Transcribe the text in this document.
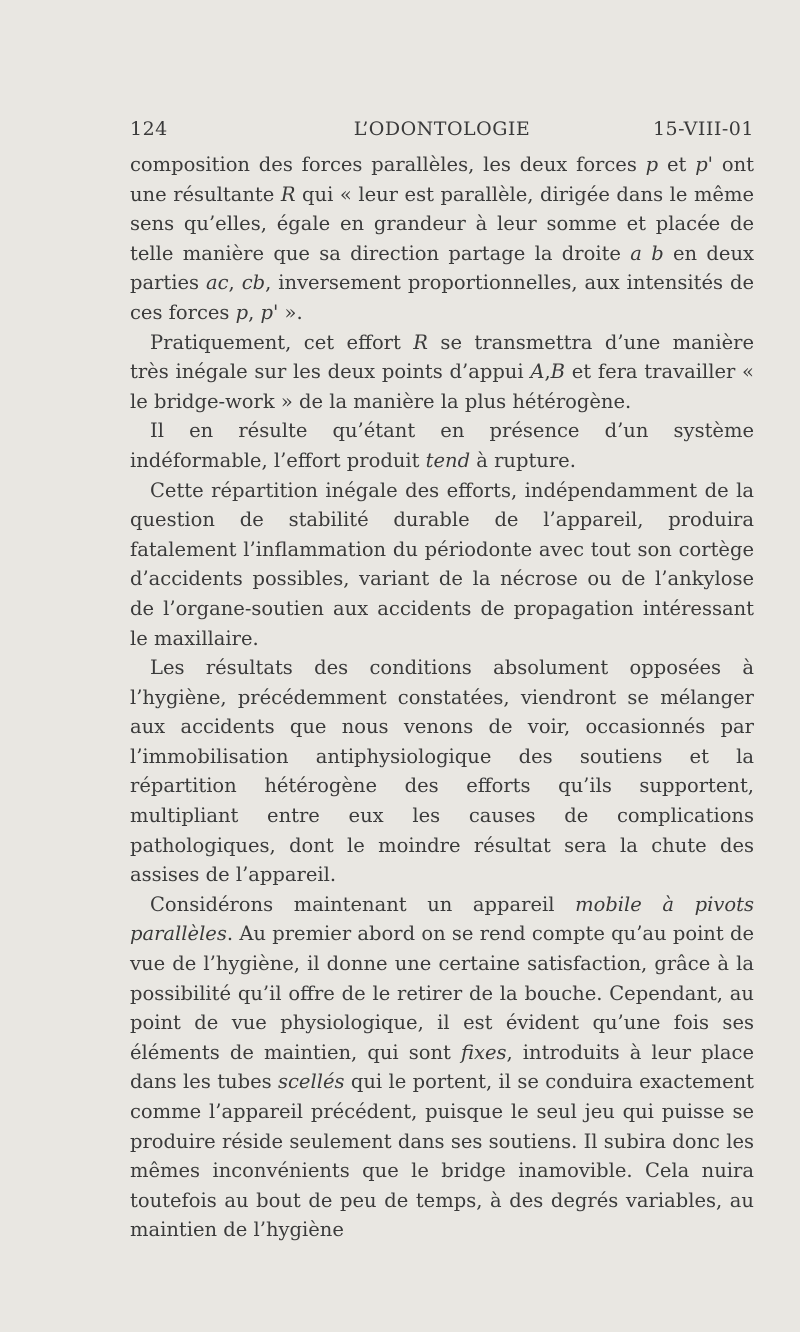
124	L’ODONTOLOGIE	15-VIII-01

composition des forces parallèles, les deux forces p et p' ont une résultante R qui « leur est parallèle, dirigée dans le même sens qu’elles, égale en grandeur à leur somme et placée de telle manière que sa direction partage la droite a b en deux parties ac, cb, inversement proportionnelles, aux intensités de ces forces p, p' ».

Pratiquement, cet effort R se transmettra d’une manière très inégale sur les deux points d’appui A,B et fera travailler « le bridge-work » de la manière la plus hétérogène.

Il en résulte qu’étant en présence d’un système indéformable, l’effort produit tend à rupture.

Cette répartition inégale des efforts, indépendamment de la question de stabilité durable de l’appareil, produira fatalement l’inflammation du périodonte avec tout son cortège d’accidents possibles, variant de la nécrose ou de l’ankylose de l’organe-soutien aux accidents de propagation intéressant le maxillaire.

Les résultats des conditions absolument opposées à l’hygiène, précédemment constatées, viendront se mélanger aux accidents que nous venons de voir, occasionnés par l’immobilisation antiphysiologique des soutiens et la répartition hétérogène des efforts qu’ils supportent, multipliant entre eux les causes de complications pathologiques, dont le moindre résultat sera la chute des assises de l’appareil.

Considérons maintenant un appareil mobile à pivots parallèles. Au premier abord on se rend compte qu’au point de vue de l’hygiène, il donne une certaine satisfaction, grâce à la possibilité qu’il offre de le retirer de la bouche. Cependant, au point de vue physiologique, il est évident qu’une fois ses éléments de maintien, qui sont fixes, introduits à leur place dans les tubes scellés qui le portent, il se conduira exactement comme l’appareil précédent, puisque le seul jeu qui puisse se produire réside seulement dans ses soutiens. Il subira donc les mêmes inconvénients que le bridge inamovible. Cela nuira toutefois au bout de peu de temps, à des degrés variables, au maintien de l’hygiène
